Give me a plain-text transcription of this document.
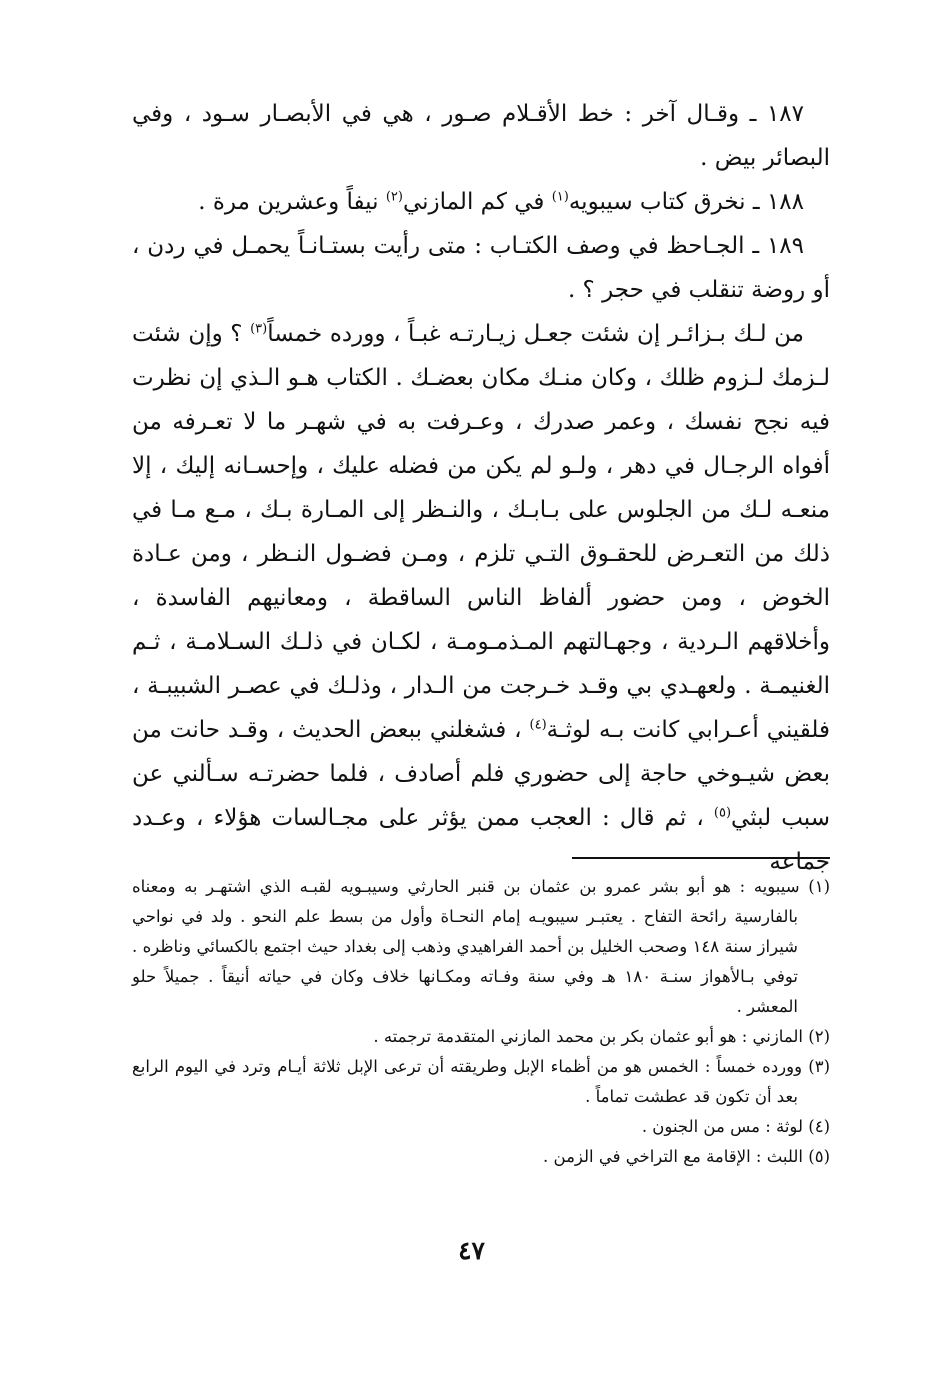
١٨٧ ـ وقـال آخر : خط الأقـلام صـور ، هي في الأبصـار سـود ، وفي البصائر بيض .

١٨٨ ـ نخرق كتاب سيبويه$^{(١)}$ في كم المازني$^{(٢)}$ نيفاً وعشرين مرة .

١٨٩ ـ الجـاحظ في وصف الكتـاب : متى رأيت بستـانـاً يحمـل في ردن ، أو روضة تنقلب في حجر ؟ .

من لـك بـزائـر إن شئت جعـل زيـارتـه غبـاً ، وورده خمساً$^{(٣)}$ ؟ وإن شئت لـزمك لـزوم ظلك ، وكان منـك مكان بعضـك . الكتاب هـو الـذي إن نظرت فيه نجح نفسك ، وعمر صدرك ، وعـرفت به في شهـر ما لا تعـرفه من أفواه الرجـال في دهر ، ولـو لم يكن من فضله عليك ، وإحسـانه إليك ، إلا منعـه لـك من الجلوس على بـابـك ، والنـظر إلى المـارة بـك ، مـع مـا في ذلك من التعـرض للحقـوق التـي تلزم ، ومـن فضـول النـظر ، ومن عـادة الخوض ، ومن حضور ألفاظ الناس الساقطة ، ومعانيهم الفاسدة ، وأخلاقهم الـردية ، وجهـالتهم المـذمـومـة ، لكـان في ذلـك السـلامـة ، ثـم الغنيمـة . ولعهـدي بي وقـد خـرجت من الـدار ، وذلـك في عصـر الشبيبـة ، فلقيني أعـرابي كانت بـه لوثـة$^{(٤)}$ ، فشغلني ببعض الحديث ، وقـد حانت من بعض شيـوخي حاجة إلى حضوري فلم أصادف ، فلما حضرتـه سـألني عن سبب لبثي$^{(٥)}$ ، ثم قال : العجب ممن يؤثر على مجـالسات هؤلاء ، وعـدد جماعة

(١) سيبويه : هو أبو بشر عمرو بن عثمان بن قنبر الحارثي وسيبـويه لقبـه الذي اشتهـر به ومعناه بالفارسية رائحة التفاح . يعتبـر سيبويـه إمام النحـاة وأول من بسط علم النحو . ولد في نواحي شيراز سنة ١٤٨ وصحب الخليل بن أحمد الفراهيدي وذهب إلى بغداد حيث اجتمع بالكسائي وناظره . توفي بـالأهواز سنـة ١٨٠ هـ وفي سنة وفـاته ومكـانها خلاف وكان في حياته أنيقاً . جميلاً حلو المعشر .

(٢) المازني : هو أبو عثمان بكر بن محمد المازني المتقدمة ترجمته .

(٣) وورده خمساً : الخمس هو من أظماء الإبل وطريقته أن ترعى الإبل ثلاثة أيـام وترد في اليوم الرابع بعد أن تكون قد عطشت تماماً .

(٤) لوثة : مس من الجنون .

(٥) اللبث : الإقامة مع التراخي في الزمن .

٤٧
